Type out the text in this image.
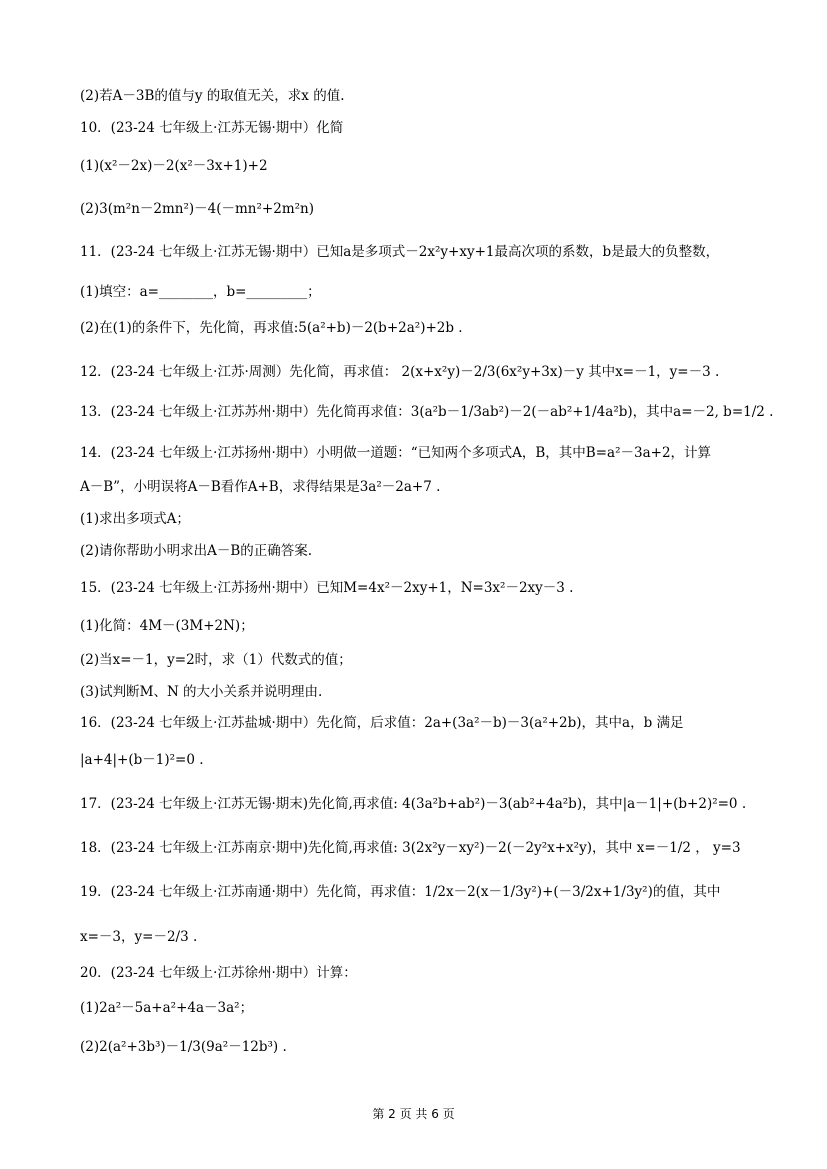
(2)若A－3B的值与y 的取值无关，求x 的值.
10．(23-24 七年级上·江苏无锡·期中）化简
(1)(x²－2x)－2(x²－3x+1)+2
(2)3(m²n－2mn²)－4(－mn²+2m²n)
11．(23-24 七年级上·江苏无锡·期中）已知a是多项式－2x²y+xy+1最高次项的系数，b是最大的负整数，
(1)填空：a=________，b=_________；
(2)在(1)的条件下，先化简，再求值:5(a²+b)－2(b+2a²)+2b .
12．(23-24 七年级上·江苏·周测）先化简，再求值： 2(x+x²y)－2/3(6x²y+3x)－y 其中x=－1，y=－3 .
13．(23-24 七年级上·江苏苏州·期中）先化简再求值：3(a²b－1/3ab²)－2(－ab²+1/4a²b)，其中a=－2, b=1/2 .
14．(23-24 七年级上·江苏扬州·期中）小明做一道题：“已知两个多项式A，B，其中B=a²－3a+2，计算
A－B”，小明误将A－B看作A+B，求得结果是3a²－2a+7 .
(1)求出多项式A；
(2)请你帮助小明求出A－B的正确答案.
15．(23-24 七年级上·江苏扬州·期中）已知M=4x²－2xy+1，N=3x²－2xy－3 .
(1)化简：4M－(3M+2N)；
(2)当x=－1，y=2时，求（1）代数式的值；
(3)试判断M、N 的大小关系并说明理由.
16．(23-24 七年级上·江苏盐城·期中）先化简，后求值：2a+(3a²－b)－3(a²+2b)，其中a，b 满足
|a+4|+(b－1)²=0 .
17．(23-24 七年级上·江苏无锡·期末)先化简,再求值: 4(3a²b+ab²)－3(ab²+4a²b)，其中|a－1|+(b+2)²=0 .
18．(23-24 七年级上·江苏南京·期中)先化简,再求值: 3(2x²y－xy²)－2(－2y²x+x²y)，其中 x=－1/2 ， y=3
19．(23-24 七年级上·江苏南通·期中）先化简，再求值：1/2x－2(x－1/3y²)+(－3/2x+1/3y²)的值，其中
x=－3，y=－2/3 .
20．(23-24 七年级上·江苏徐州·期中）计算：
(1)2a²－5a+a²+4a－3a²；
(2)2(a²+3b³)－1/3(9a²－12b³) .
第 2 页 共 6 页
